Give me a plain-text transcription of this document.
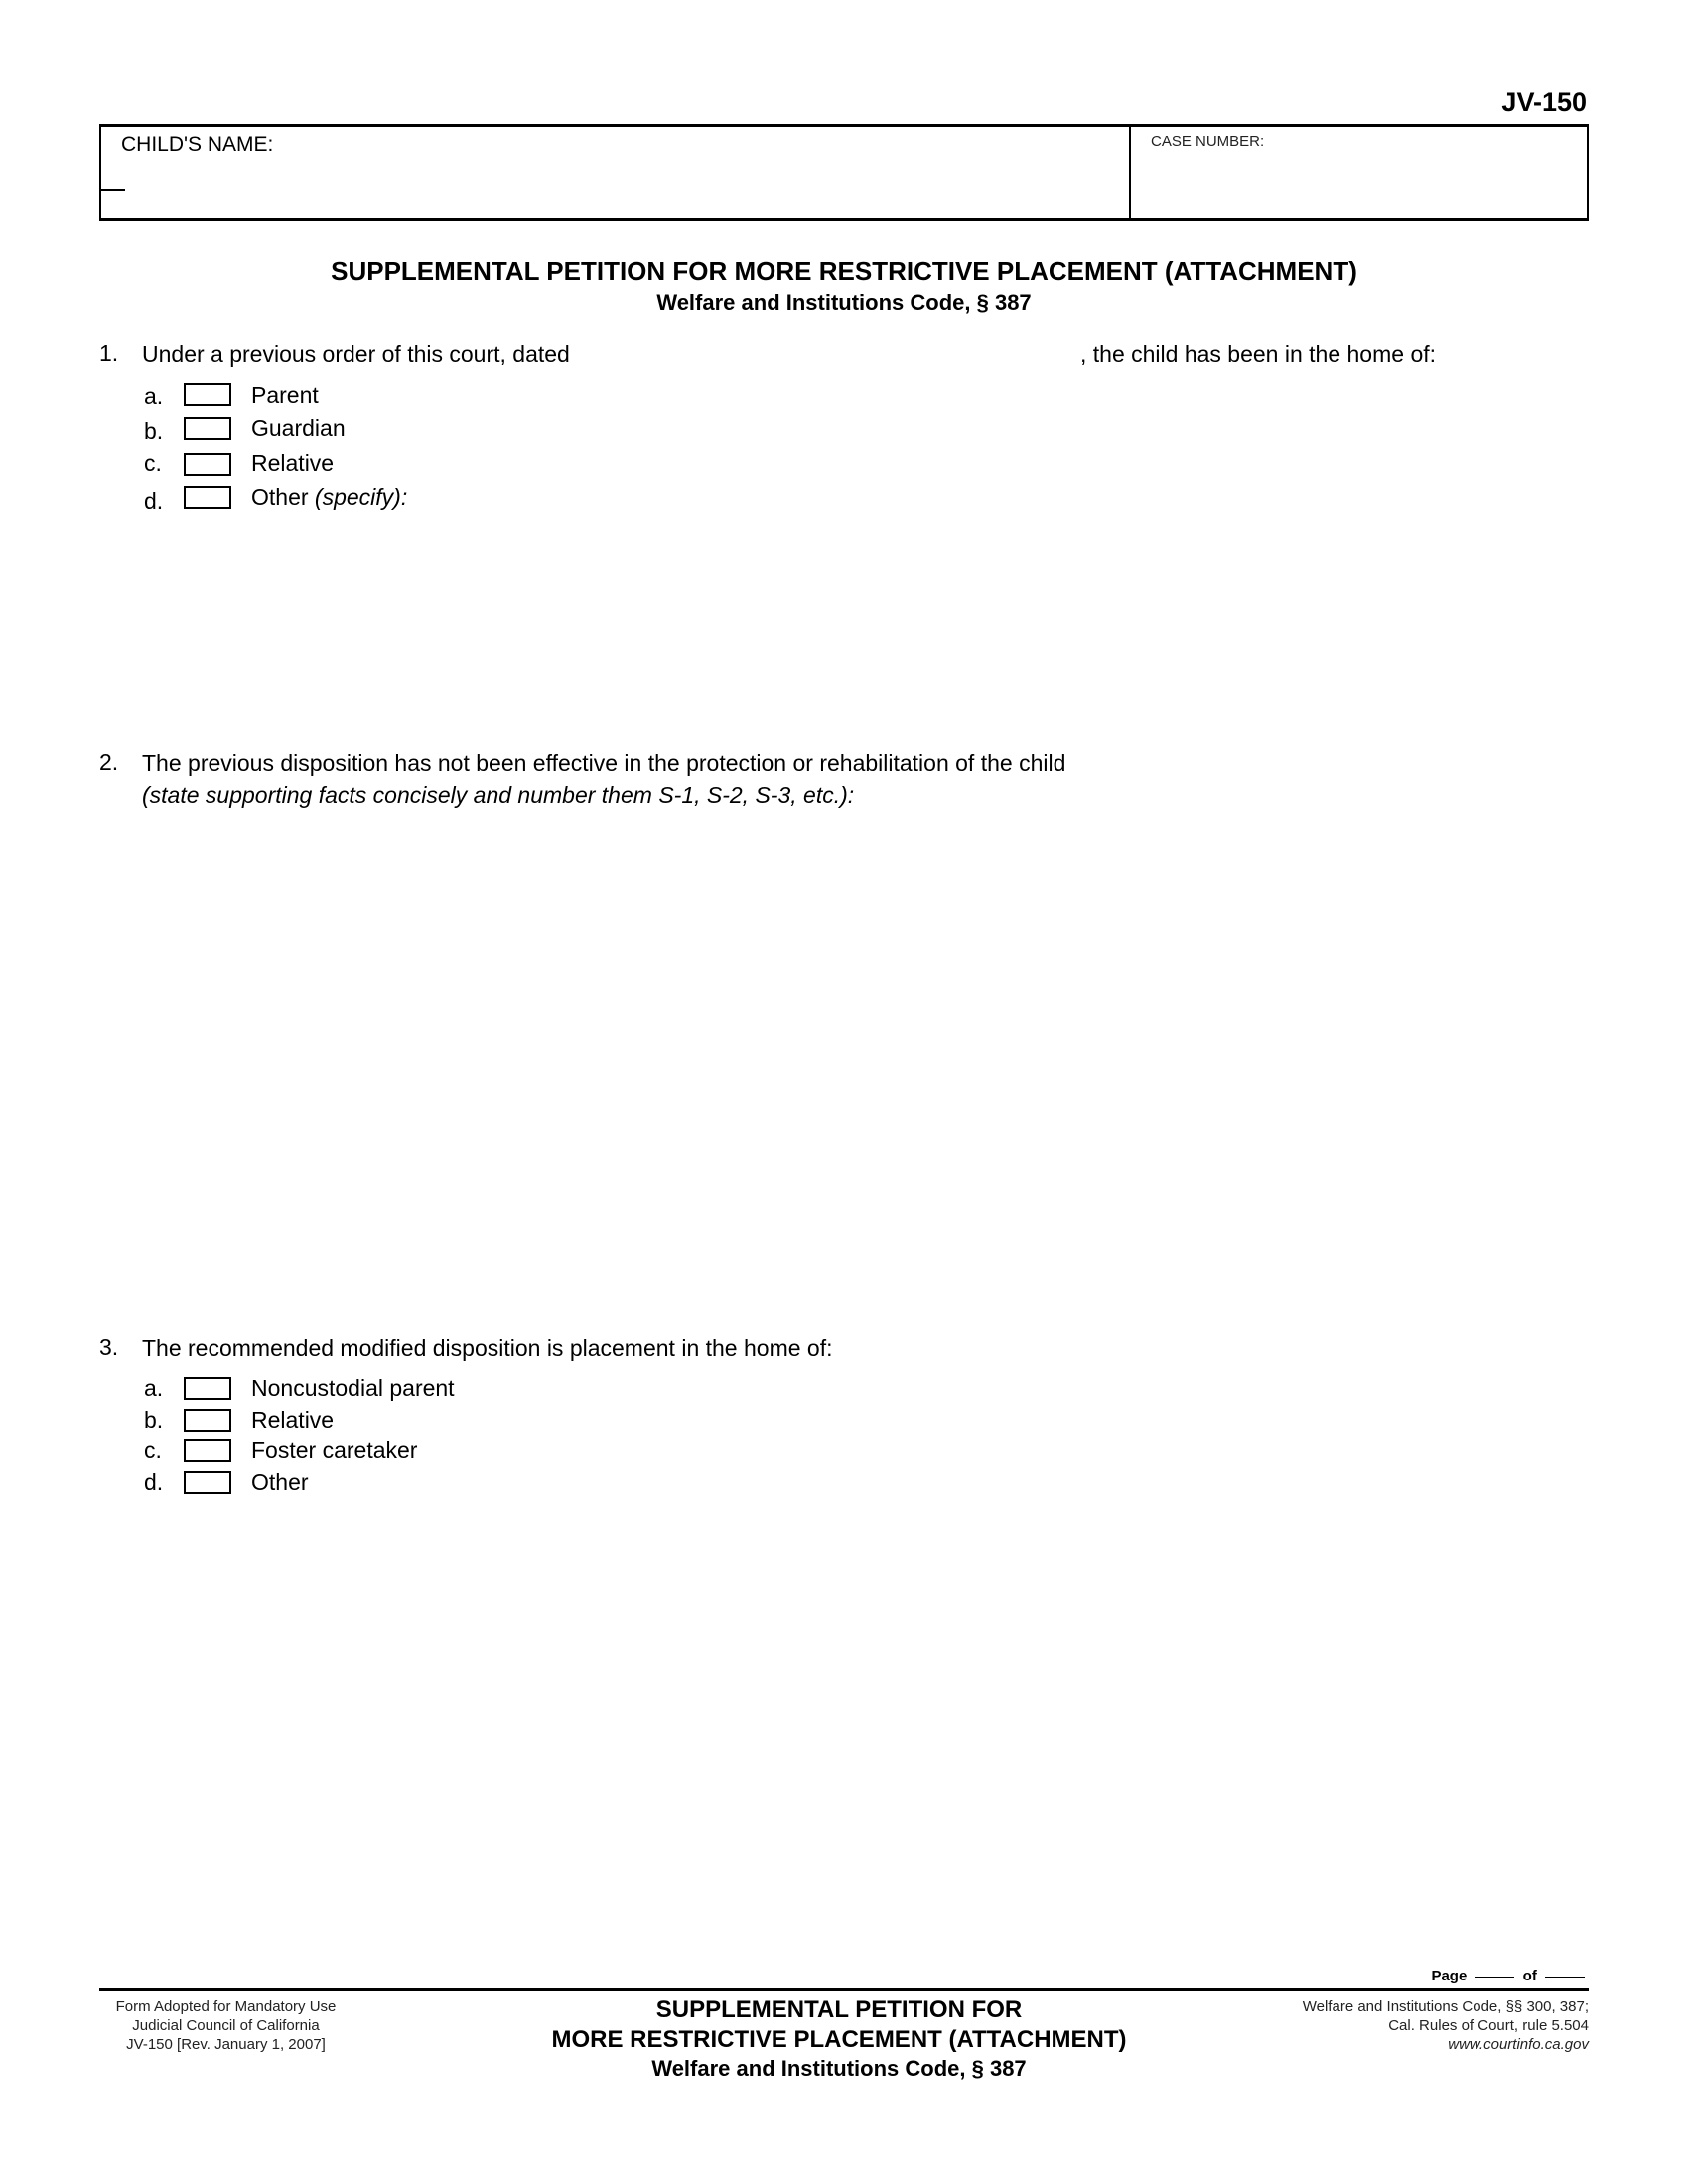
JV-150
CHILD'S NAME:	CASE NUMBER:
SUPPLEMENTAL PETITION FOR MORE RESTRICTIVE PLACEMENT (ATTACHMENT)
Welfare and Institutions Code, § 387
1. Under a previous order of this court, dated	, the child has been in the home of:
a.	Parent
b.	Guardian
c.	Relative
d.	Other (specify):
2. The previous disposition has not been effective in the protection or rehabilitation of the child
(state supporting facts concisely and number them S-1, S-2, S-3, etc.):
3. The recommended modified disposition is placement in the home of:
a.	Noncustodial parent
b.	Relative
c.	Foster caretaker
d.	Other
Page	of
Form Adopted for Mandatory Use
Judicial Council of California
JV-150 [Rev. January 1, 2007]
SUPPLEMENTAL PETITION FOR
MORE RESTRICTIVE PLACEMENT (ATTACHMENT)
Welfare and Institutions Code, § 387
Welfare and Institutions Code, §§ 300, 387;
Cal. Rules of Court, rule 5.504
www.courtinfo.ca.gov
